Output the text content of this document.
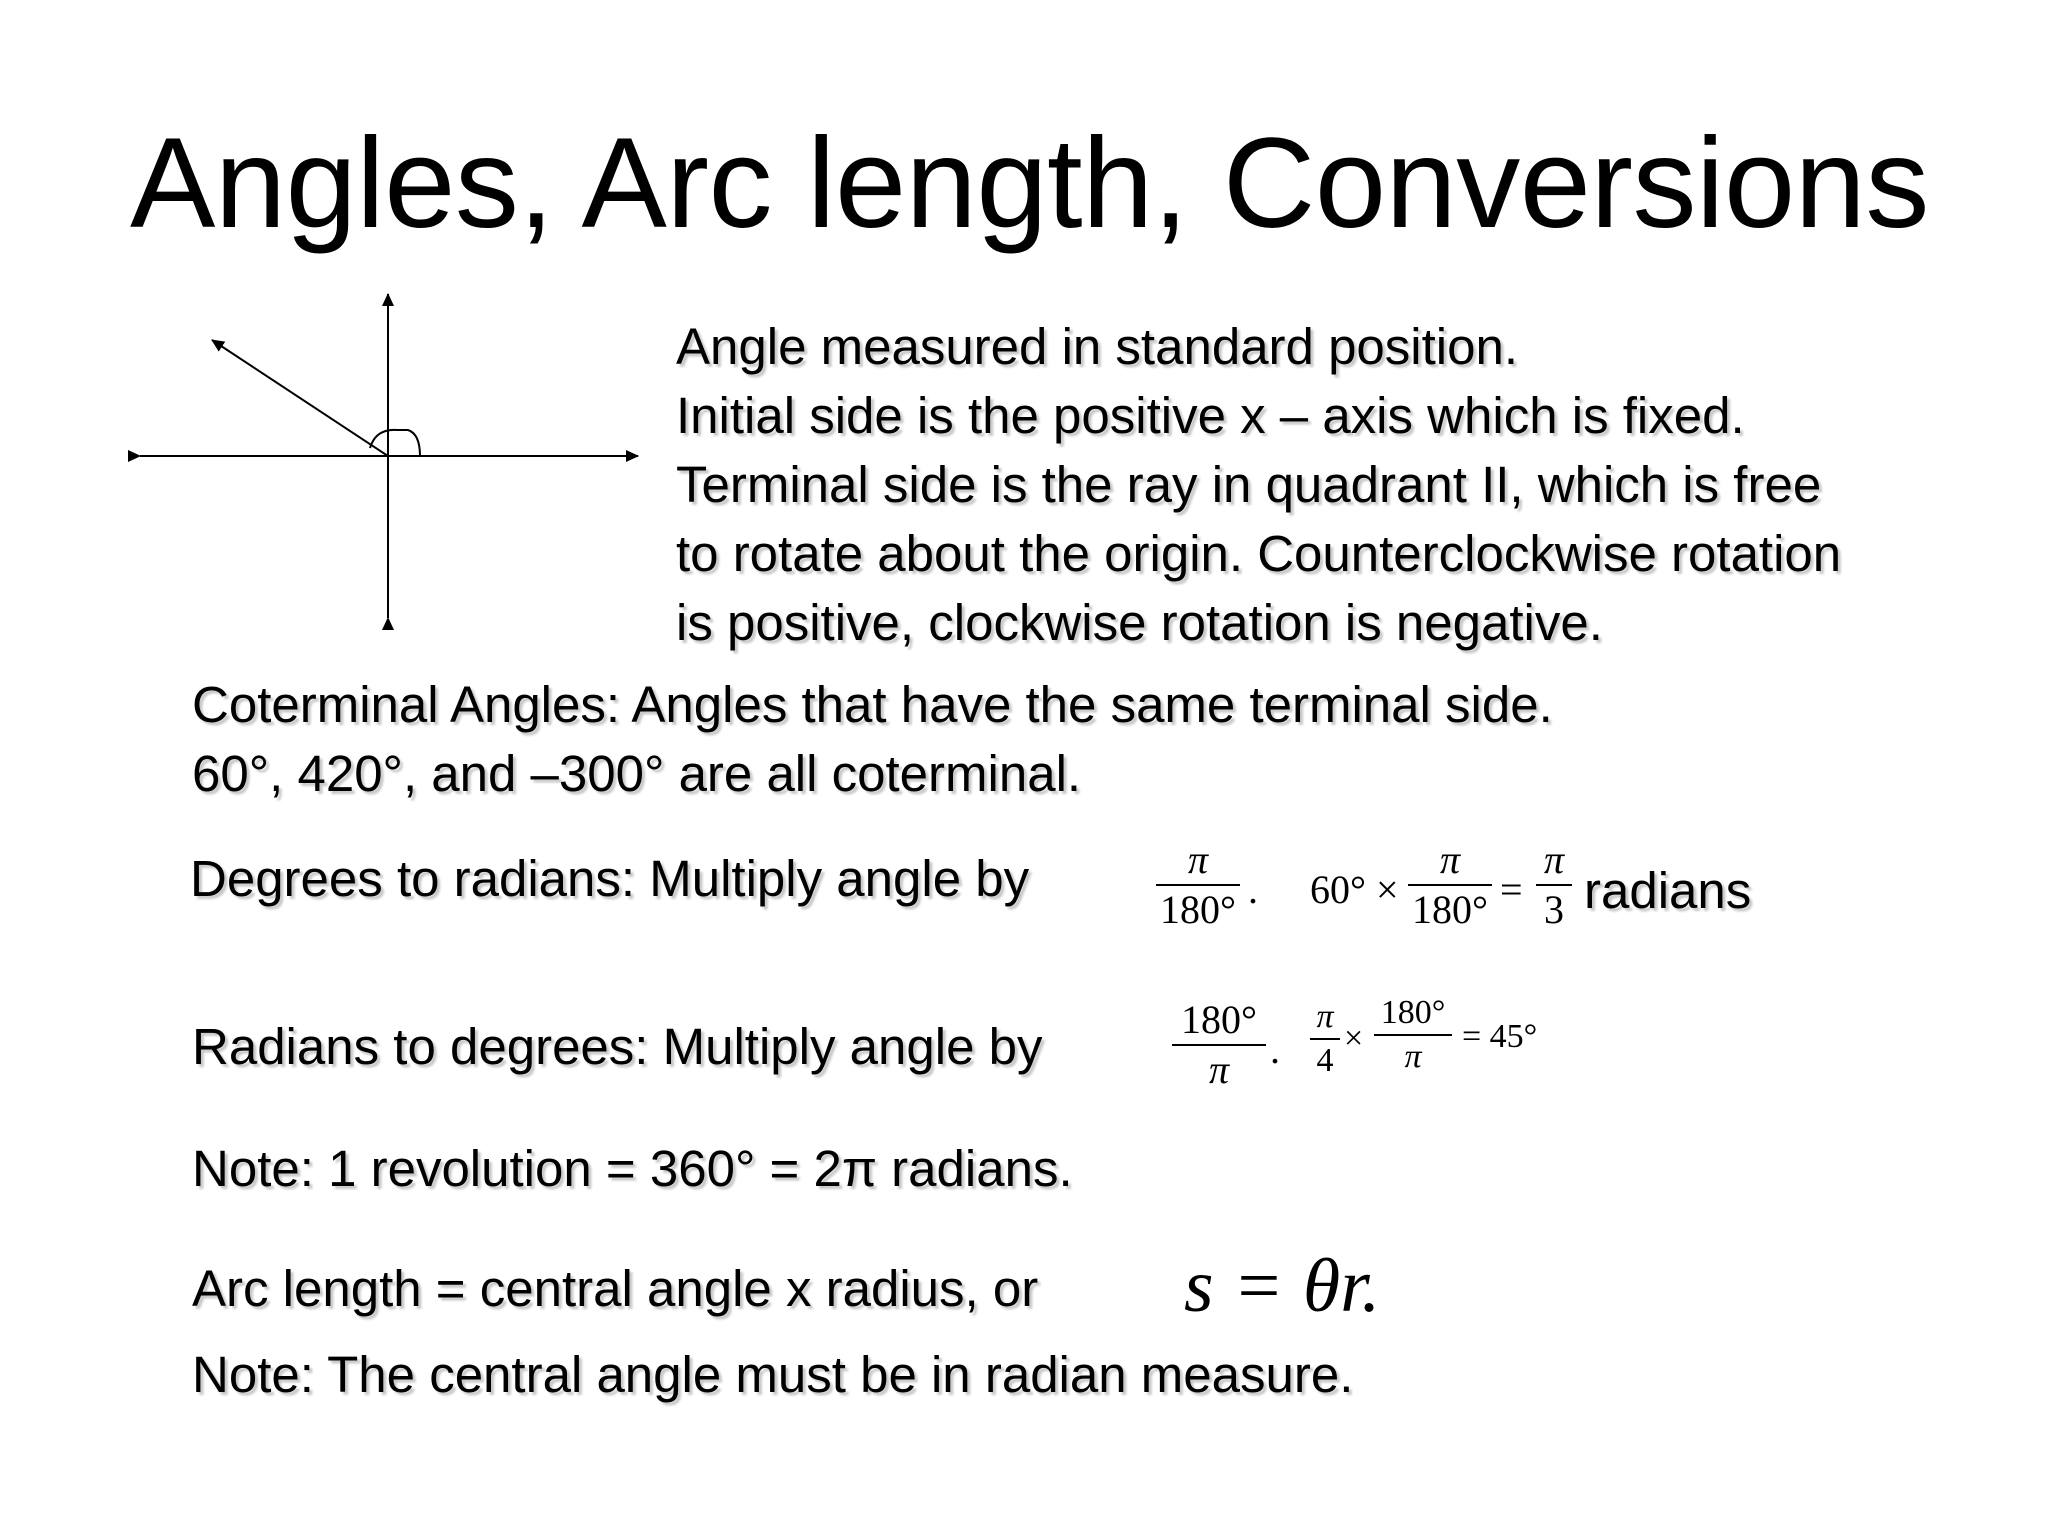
Angles, Arc length, Conversions
Angle measured in standard position.
Initial side is the positive x – axis which is fixed.
Terminal side is the ray in quadrant II, which is free
to rotate about the origin. Counterclockwise rotation
is positive, clockwise rotation is negative.
Coterminal Angles: Angles that have the same terminal side.
60°, 420°, and –300° are all coterminal.
Degrees to radians: Multiply angle by	π
180° . 60° ×
π
180° =
π
3 radians
Radians to degrees: Multiply angle by	180°
π	.
π
4
×
180°
π
= 45°
Note: 1 revolution = 360° = 2π radians.
Arc length = central angle x radius, or s = θr.
Note: The central angle must be in radian measure.
